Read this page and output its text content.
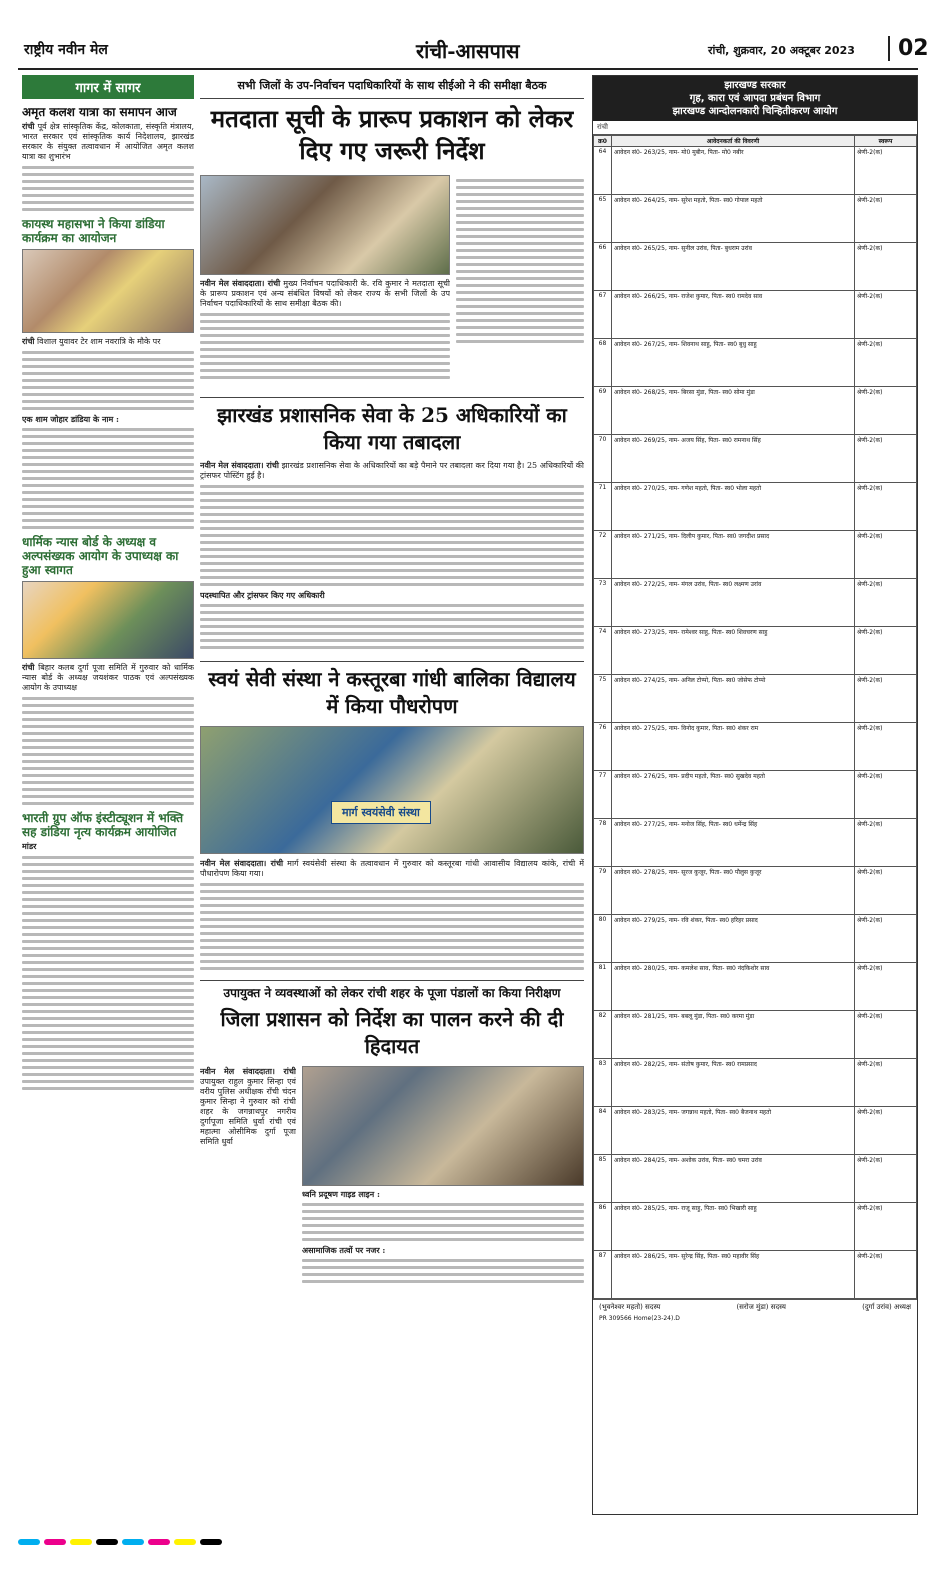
राष्ट्रीय नवीन मेल	रांची-आसपास	रांची, शुक्रवार, 20 अक्टूबर 2023	02
गागर में सागर
अमृत कलश यात्रा का समापन आज
रांची पूर्व क्षेत्र सांस्कृतिक केंद्र, कोलकाता, संस्कृति मंत्रालय, भारत सरकार एवं सांस्कृतिक कार्य निदेशालय, झारखंड सरकार के संयुक्त तत्वावधान में आयोजित अमृत कलश यात्रा का शुभारंभ
कायस्थ महासभा ने किया डांडिया कार्यक्रम का आयोजन
रांची विशाल युवावर टेर शाम नवरात्रि के मौके पर
एक शाम जोहार डांडिया के नाम :
धार्मिक न्यास बोर्ड के अध्यक्ष व अल्पसंख्यक आयोग के उपाध्यक्ष का हुआ स्वागत
रांची बिहार कलब दुर्गा पूजा समिति में गुरुवार को धार्मिक न्यास बोर्ड के अध्यक्ष जयशंकर पाठक एवं अल्पसंख्यक आयोग के उपाध्यक्ष
भारती ग्रुप ऑफ इंस्टीट्यूशन में भक्ति सह डांडिया नृत्य कार्यक्रम आयोजित
मांडर
सभी जिलों के उप-निर्वाचन पदाधिकारियों के साथ सीईओ ने की समीक्षा बैठक
मतदाता सूची के प्रारूप प्रकाशन को लेकर दिए गए जरूरी निर्देश
नवीन मेल संवाददाता। रांची मुख्य निर्वाचन पदाधिकारी के. रवि कुमार ने मतदाता सूची के प्रारूप प्रकाशन एवं अन्य संबंधित विषयों को लेकर राज्य के सभी जिलों के उप निर्वाचन पदाधिकारियों के साथ समीक्षा बैठक की।
झारखंड प्रशासनिक सेवा के 25 अधिकारियों का किया गया तबादला
नवीन मेल संवाददाता। रांची झारखंड प्रशासनिक सेवा के अधिकारियों का बड़े पैमाने पर तबादला कर दिया गया है। 25 अधिकारियों की ट्रांसफर पोस्टिंग हुई है।
पदस्थापित और ट्रांसफर किए गए अधिकारी
स्वयं सेवी संस्था ने कस्तूरबा गांधी बालिका विद्यालय में किया पौधरोपण
मार्ग स्वयंसेवी संस्था
नवीन मेल संवाददाता। रांची मार्ग स्वयंसेवी संस्था के तत्वावधान में गुरुवार को कस्तूरबा गांधी आवासीय विद्यालय कांके, रांची में पौधारोपण किया गया।
उपायुक्त ने व्यवस्थाओं को लेकर रांची शहर के पूजा पंडालों का किया निरीक्षण
जिला प्रशासन को निर्देश का पालन करने की दी हिदायत
नवीन मेल संवाददाता। रांची उपायुक्त राहुल कुमार सिन्हा एवं वरीय पुलिस अधीक्षक राँची चंदन कुमार सिन्हा ने गुरुवार को रांची शहर के जगन्नाथपुर नगरीय दुर्गापूजा समिति धुर्वा रांची एवं महात्मा ओसीमिक दुर्गा पूजा समिति धुर्वा
ध्वनि प्रदूषण गाइड लाइन :
असामाजिक तत्वों पर नजर :
झारखण्ड सरकार
गृह, कारा एवं आपदा प्रबंधन विभाग
झारखण्ड आन्दोलनकारी चिन्हितीकरण आयोग
रांची
क्र0	आवेदनकर्ता की विवरणी	स्वरूप
64	आवेदन सं0- 263/25, नाम- मो0 मुबीन, पिता- मो0 नबीर	श्रेणी-2(क)
65	आवेदन सं0- 264/25, नाम- सुरेश महतो, पिता- स्व0 गोपाल महतो	श्रेणी-2(क)
66	आवेदन सं0- 265/25, नाम- सुनील उरांव, पिता- बुधराम उरांव	श्रेणी-2(क)
67	आवेदन सं0- 266/25, नाम- राजेश कुमार, पिता- स्व0 रामदेव साव	श्रेणी-2(क)
68	आवेदन सं0- 267/25, नाम- शिवनाथ साहु, पिता- स्व0 बुधु साहु	श्रेणी-2(क)
69	आवेदन सं0- 268/25, नाम- बिरसा मुंडा, पिता- स्व0 सोमा मुंडा	श्रेणी-2(क)
70	आवेदन सं0- 269/25, नाम- अजय सिंह, पिता- स्व0 रामनाथ सिंह	श्रेणी-2(क)
71	आवेदन सं0- 270/25, नाम- गणेश महतो, पिता- स्व0 भोला महतो	श्रेणी-2(क)
72	आवेदन सं0- 271/25, नाम- दिलीप कुमार, पिता- स्व0 जगदीश प्रसाद	श्रेणी-2(क)
73	आवेदन सं0- 272/25, नाम- मंगल उरांव, पिता- स्व0 लक्ष्मण उरांव	श्रेणी-2(क)
74	आवेदन सं0- 273/25, नाम- रामेश्वर साहु, पिता- स्व0 शिवचरण साहु	श्रेणी-2(क)
75	आवेदन सं0- 274/25, नाम- अनिल टोप्पो, पिता- स्व0 जोसेफ टोप्पो	श्रेणी-2(क)
76	आवेदन सं0- 275/25, नाम- विनोद कुमार, पिता- स्व0 शंकर राम	श्रेणी-2(क)
77	आवेदन सं0- 276/25, नाम- प्रदीप महतो, पिता- स्व0 सुखदेव महतो	श्रेणी-2(क)
78	आवेदन सं0- 277/25, नाम- मनोज सिंह, पिता- स्व0 धर्मेन्द्र सिंह	श्रेणी-2(क)
79	आवेदन सं0- 278/25, नाम- सूरज कुजूर, पिता- स्व0 पौलुस कुजूर	श्रेणी-2(क)
80	आवेदन सं0- 279/25, नाम- रवि शंकर, पिता- स्व0 हरिहर प्रसाद	श्रेणी-2(क)
81	आवेदन सं0- 280/25, नाम- कमलेश साव, पिता- स्व0 नंदकिशोर साव	श्रेणी-2(क)
82	आवेदन सं0- 281/25, नाम- बबलू मुंडा, पिता- स्व0 करमा मुंडा	श्रेणी-2(क)
83	आवेदन सं0- 282/25, नाम- संतोष कुमार, पिता- स्व0 रामप्रसाद	श्रेणी-2(क)
84	आवेदन सं0- 283/25, नाम- जगन्नाथ महतो, पिता- स्व0 बैजनाथ महतो	श्रेणी-2(क)
85	आवेदन सं0- 284/25, नाम- अशोक उरांव, पिता- स्व0 चमरा उरांव	श्रेणी-2(क)
86	आवेदन सं0- 285/25, नाम- राजू साहु, पिता- स्व0 भिखारी साहु	श्रेणी-2(क)
87	आवेदन सं0- 286/25, नाम- सुरेन्द्र सिंह, पिता- स्व0 महावीर सिंह	श्रेणी-2(क)
(भुवनेश्वर महतो) सदस्य	(सरोज मुंडा) सदस्य	(दुर्गा उरांव) अध्यक्ष
PR 309566 Home(23-24).D
